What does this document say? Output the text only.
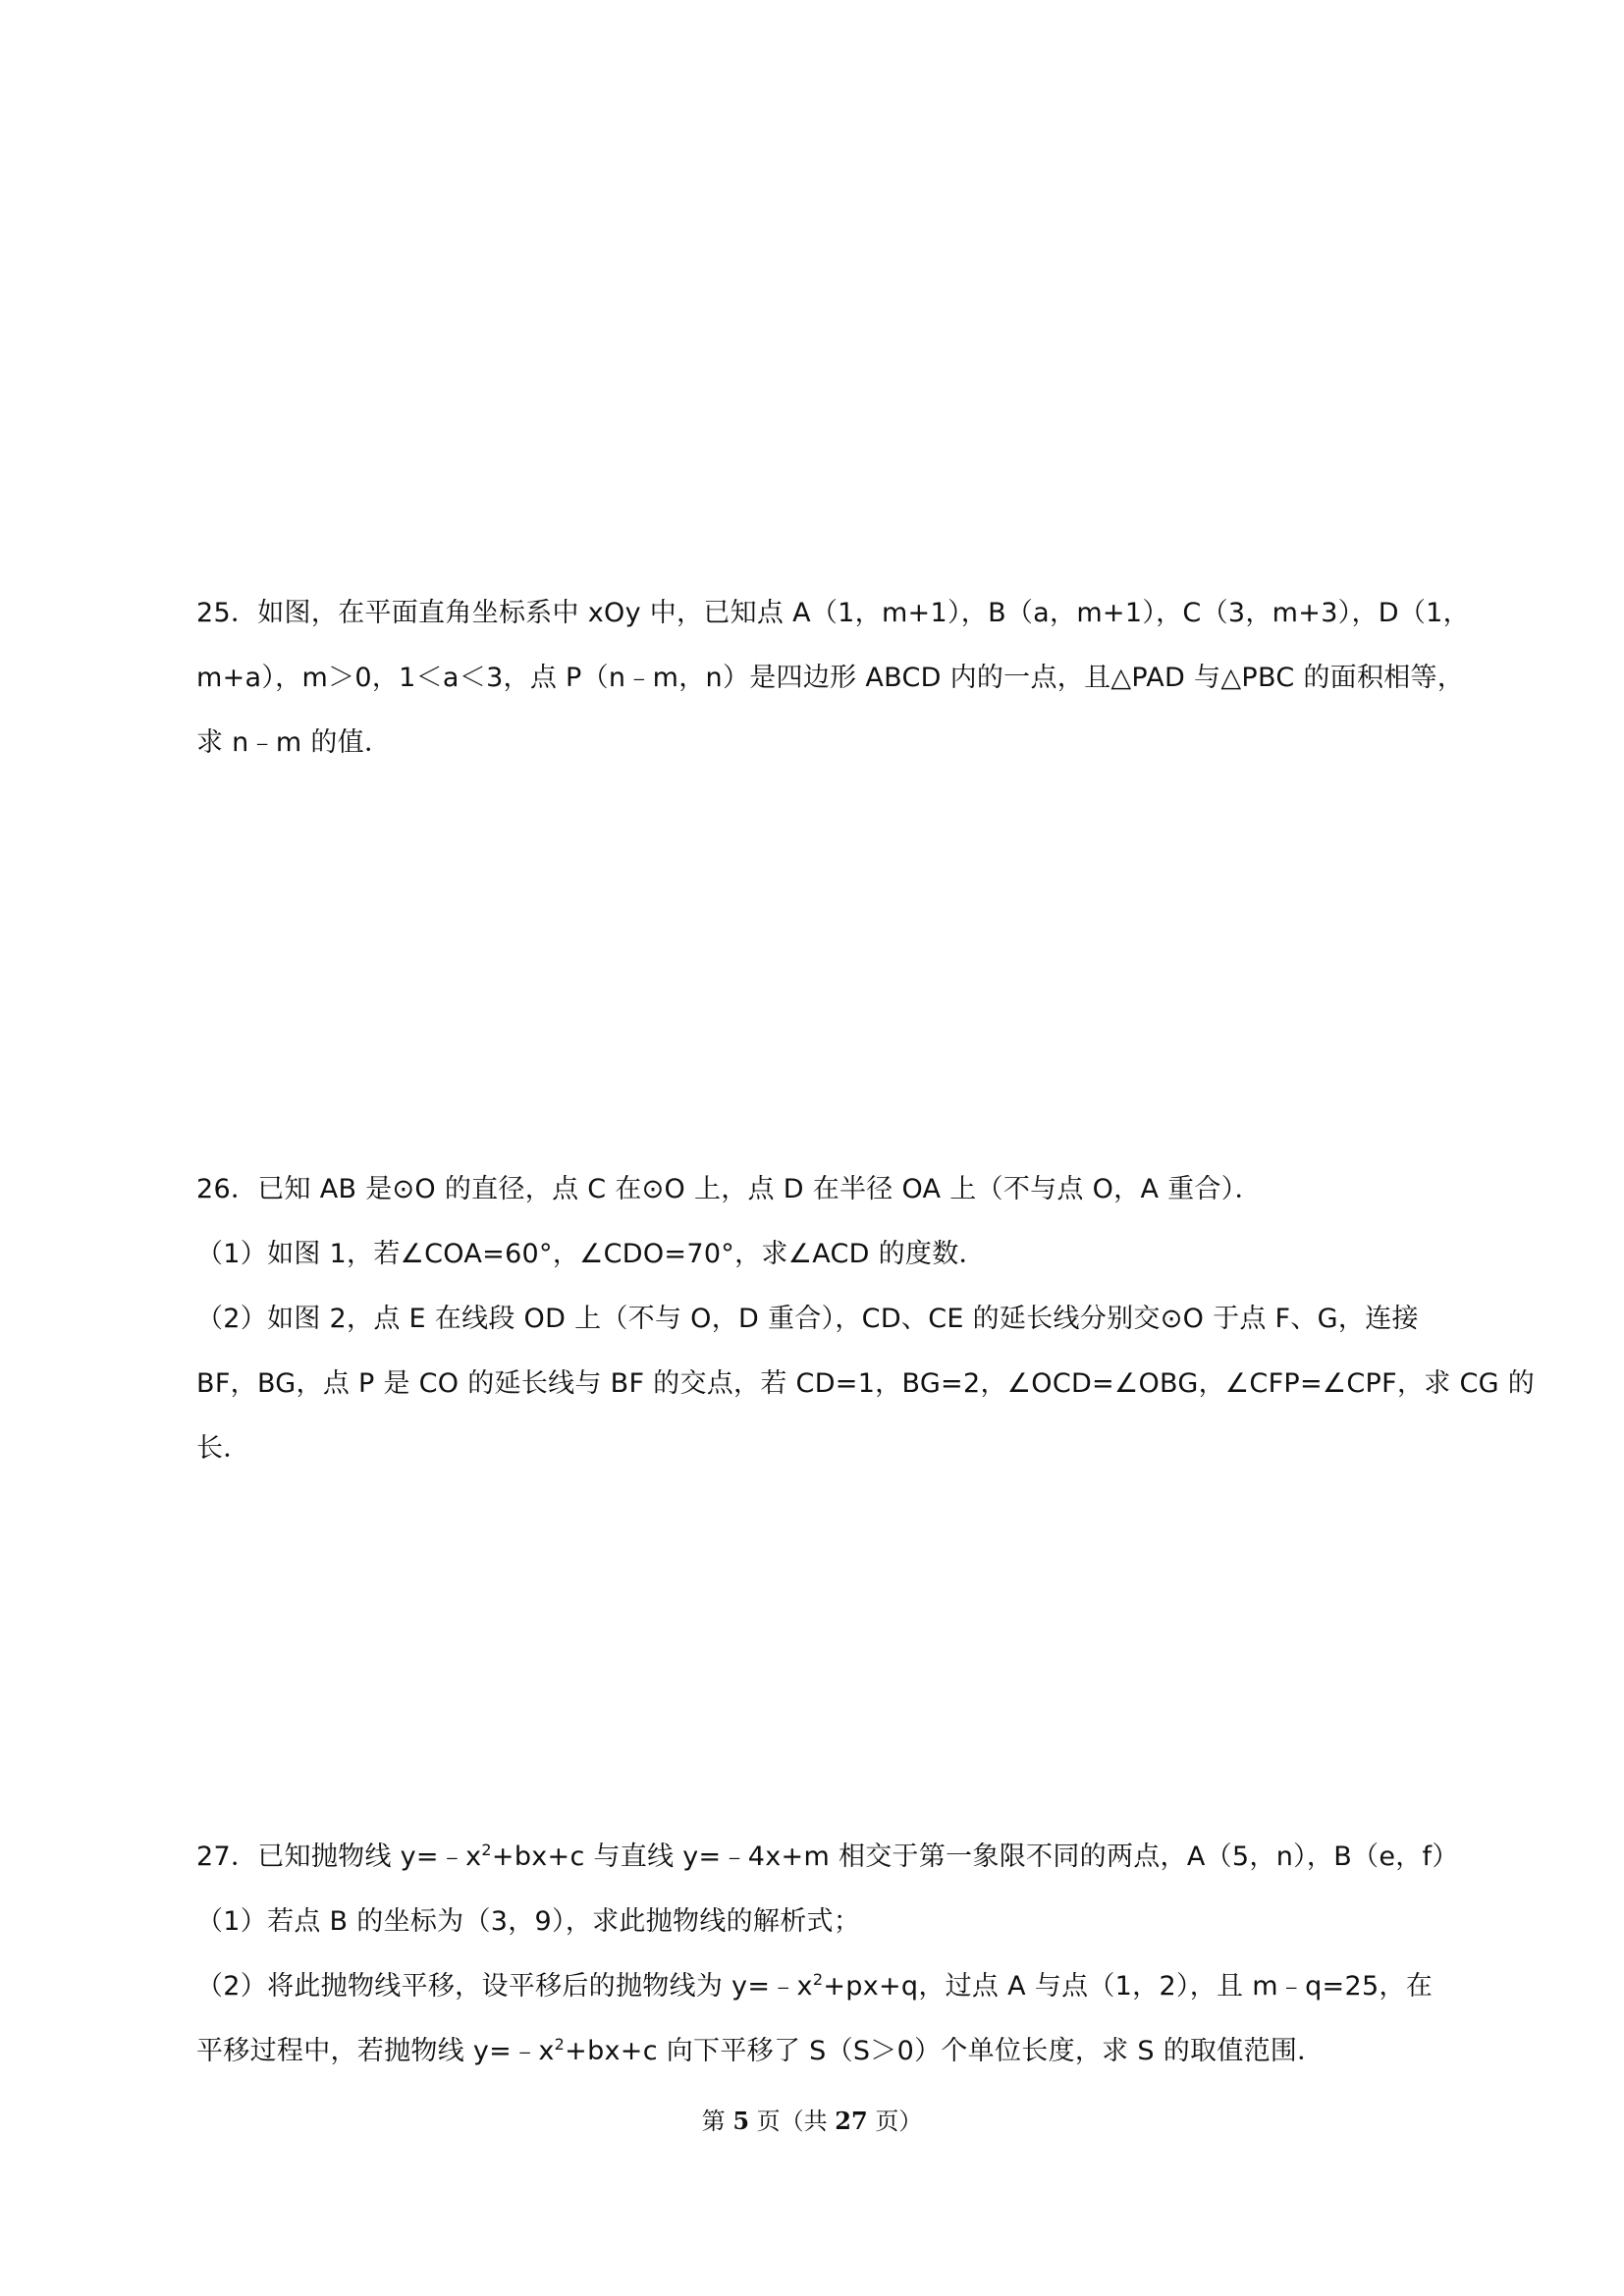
25．如图，在平面直角坐标系中 xOy 中，已知点 A（1，m+1），B（a，m+1），C（3，m+3），D（1，
m+a），m＞0，1＜a＜3，点 P（n﹣m，n）是四边形 ABCD 内的一点，且△PAD 与△PBC 的面积相等，
求 n﹣m 的值．
26．已知 AB 是⊙O 的直径，点 C 在⊙O 上，点 D 在半径 OA 上（不与点 O，A 重合）．
（1）如图 1，若∠COA=60°，∠CDO=70°，求∠ACD 的度数．
（2）如图 2，点 E 在线段 OD 上（不与 O，D 重合），CD、CE 的延长线分别交⊙O 于点 F、G，连接
BF，BG，点 P 是 CO 的延长线与 BF 的交点，若 CD=1，BG=2，∠OCD=∠OBG，∠CFP=∠CPF，求 CG 的
长．
27．已知抛物线 $y=﹣x^2+bx+c$ 与直线 y=﹣4x+m 相交于第一象限不同的两点，A（5，n），B（e，f）
（1）若点 B 的坐标为（3，9），求此抛物线的解析式；
（2）将此抛物线平移，设平移后的抛物线为 $y=﹣x^2+px+q$，过点 A 与点（1，2），且 m﹣q=25，在
平移过程中，若抛物线 $y=﹣x^2+bx+c$ 向下平移了 S（S＞0）个单位长度，求 S 的取值范围．
第 5 页（共 27 页）
